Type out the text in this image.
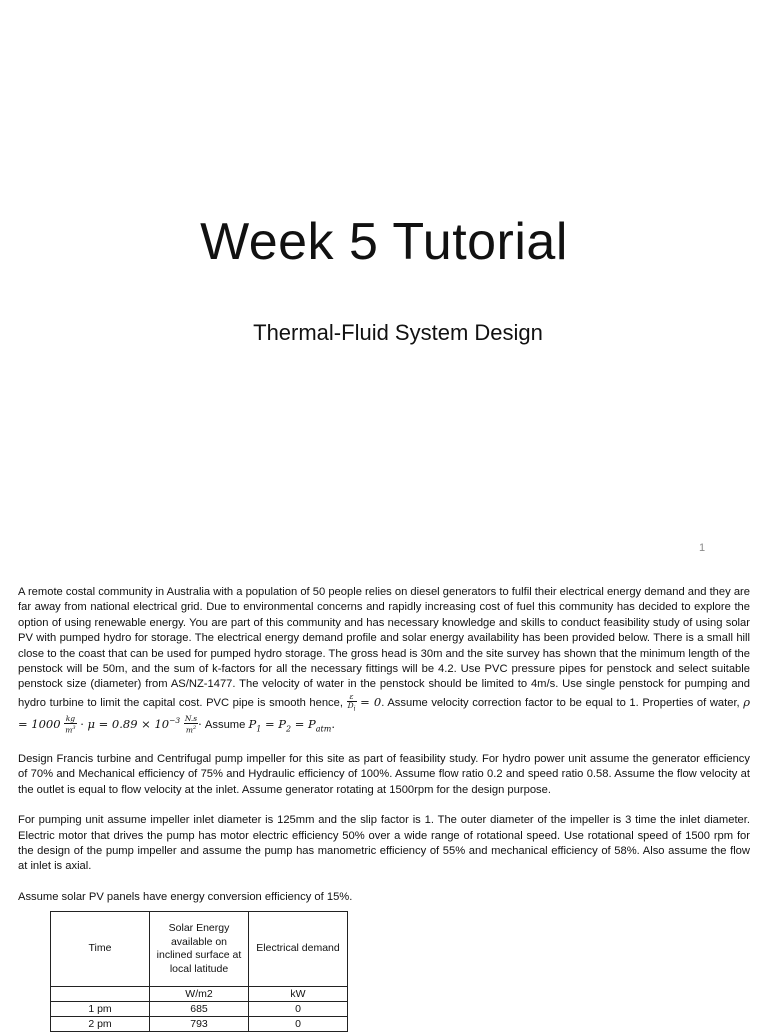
Week 5 Tutorial
Thermal-Fluid System Design
1

A remote costal community in Australia with a population of 50 people relies on diesel generators to fulfil their electrical energy demand and they are far away from national electrical grid. Due to environmental concerns and rapidly increasing cost of fuel this community has decided to explore the option of using renewable energy. You are part of this community and has necessary knowledge and skills to conduct feasibility study of using solar PV with pumped hydro for storage. The electrical energy demand profile and solar energy availability has been provided below. There is a small hill close to the coast that can be used for pumped hydro storage. The gross head is 30m and the site survey has shown that the minimum length of the penstock will be 50m, and the sum of k-factors for all the necessary fittings will be 4.2. Use PVC pressure pipes for penstock and select suitable penstock size (diameter) from AS/NZ-1477. The velocity of water in the penstock should be limited to 4m/s. Use single penstock for pumping and hydro turbine to limit the capital cost. PVC pipe is smooth hence, $\frac{\varepsilon}{D_i} = 0$. Assume velocity correction factor to be equal to 1. Properties of water, $\rho = 1000 \frac{kg}{m^3} \cdot \mu = 0.89 \times 10^{-3} \frac{N.s}{m^2}$ · Assume $P_1 = P_2 = P_{atm}$.

Design Francis turbine and Centrifugal pump impeller for this site as part of feasibility study. For hydro power unit assume the generator efficiency of 70% and Mechanical efficiency of 75% and Hydraulic efficiency of 100%. Assume flow ratio 0.2 and speed ratio 0.58. Assume the flow velocity at the outlet is equal to flow velocity at the inlet. Assume generator rotating at 1500rpm for the design purpose.

For pumping unit assume impeller inlet diameter is 125mm and the slip factor is 1. The outer diameter of the impeller is 3 time the inlet diameter. Electric motor that drives the pump has motor electric efficiency 50% over a wide range of rotational speed. Use rotational speed of 1500 rpm for the design of the pump impeller and assume the pump has manometric efficiency of 55% and mechanical efficiency of 58%. Also assume the flow at inlet is axial.

Assume solar PV panels have energy conversion efficiency of 15%.

Time	Solar Energy available on inclined surface at local latitude	Electrical demand
	W/m2	kW
1 pm	685	0
2 pm	793	0
